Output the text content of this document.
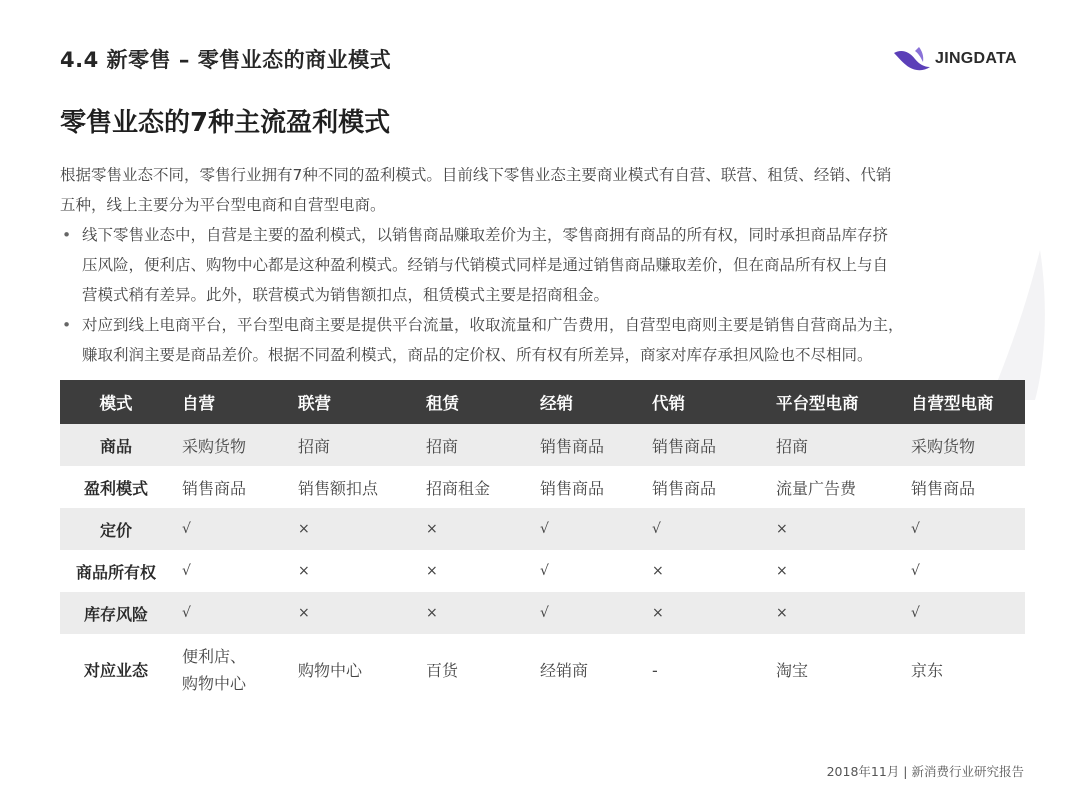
4.4 新零售 – 零售业态的商业模式	JINGDATA
零售业态的7种主流盈利模式
根据零售业态不同，零售行业拥有7种不同的盈利模式。目前线下零售业态主要商业模式有自营、联营、租赁、经销、代销
五种，线上主要分为平台型电商和自营型电商。
• 线下零售业态中，自营是主要的盈利模式，以销售商品赚取差价为主，零售商拥有商品的所有权，同时承担商品库存挤
压风险，便利店、购物中心都是这种盈利模式。经销与代销模式同样是通过销售商品赚取差价，但在商品所有权上与自
营模式稍有差异。此外，联营模式为销售额扣点，租赁模式主要是招商租金。
• 对应到线上电商平台，平台型电商主要是提供平台流量，收取流量和广告费用，自营型电商则主要是销售自营商品为主，
赚取利润主要是商品差价。根据不同盈利模式，商品的定价权、所有权有所差异，商家对库存承担风险也不尽相同。
模式	自营	联营	租赁	经销	代销	平台型电商	自营型电商
商品	采购货物	招商	招商	销售商品	销售商品	招商	采购货物
盈利模式	销售商品	销售额扣点	招商租金	销售商品	销售商品	流量广告费	销售商品
定价	√	×	×	√	√	×	√
商品所有权	√	×	×	√	×	×	√
库存风险	√	×	×	√	×	×	√
对应业态	便利店、
购物中心	购物中心	百货	经销商	-	淘宝	京东
2018年11月 | 新消费行业研究报告
